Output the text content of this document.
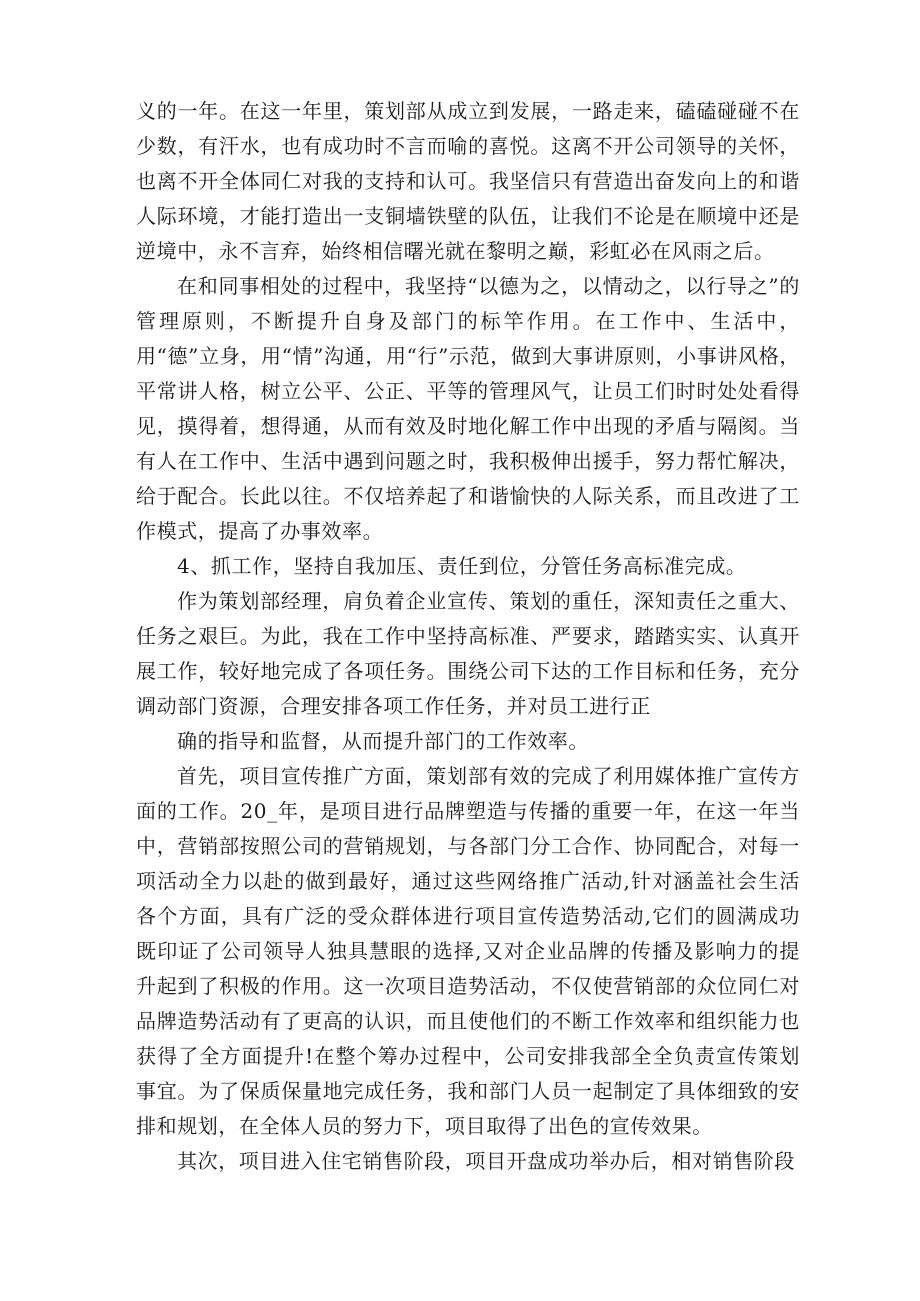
义的一年。在这一年里，策划部从成立到发展，一路走来，磕磕碰碰不在少数，有汗水，也有成功时不言而喻的喜悦。这离不开公司领导的关怀，也离不开全体同仁对我的支持和认可。我坚信只有营造出奋发向上的和谐人际环境，才能打造出一支铜墙铁壁的队伍，让我们不论是在顺境中还是逆境中，永不言弃，始终相信曙光就在黎明之巅，彩虹必在风雨之后。

在和同事相处的过程中，我坚持“以德为之，以情动之，以行导之”的管理原则，不断提升自身及部门的标竿作用。在工作中、生活中，用“德”立身，用“情”沟通，用“行”示范，做到大事讲原则，小事讲风格，平常讲人格，树立公平、公正、平等的管理风气，让员工们时时处处看得见，摸得着，想得通，从而有效及时地化解工作中出现的矛盾与隔阂。当有人在工作中、生活中遇到问题之时，我积极伸出援手，努力帮忙解决，给于配合。长此以往。不仅培养起了和谐愉快的人际关系，而且改进了工作模式，提高了办事效率。

4、抓工作，坚持自我加压、责任到位，分管任务高标准完成。

作为策划部经理，肩负着企业宣传、策划的重任，深知责任之重大、任务之艰巨。为此，我在工作中坚持高标准、严要求，踏踏实实、认真开展工作，较好地完成了各项任务。围绕公司下达的工作目标和任务，充分调动部门资源，合理安排各项工作任务，并对员工进行正

确的指导和监督，从而提升部门的工作效率。

首先，项目宣传推广方面，策划部有效的完成了利用媒体推广宣传方面的工作。20_年，是项目进行品牌塑造与传播的重要一年，在这一年当中，营销部按照公司的营销规划，与各部门分工合作、协同配合，对每一项活动全力以赴的做到最好，通过这些网络推广活动,针对涵盖社会生活各个方面，具有广泛的受众群体进行项目宣传造势活动,它们的圆满成功既印证了公司领导人独具慧眼的选择,又对企业品牌的传播及影响力的提升起到了积极的作用。这一次项目造势活动，不仅使营销部的众位同仁对品牌造势活动有了更高的认识，而且使他们的不断工作效率和组织能力也获得了全方面提升!在整个筹办过程中，公司安排我部全全负责宣传策划事宜。为了保质保量地完成任务，我和部门人员一起制定了具体细致的安排和规划，在全体人员的努力下，项目取得了出色的宣传效果。

其次，项目进入住宅销售阶段，项目开盘成功举办后，相对销售阶段
